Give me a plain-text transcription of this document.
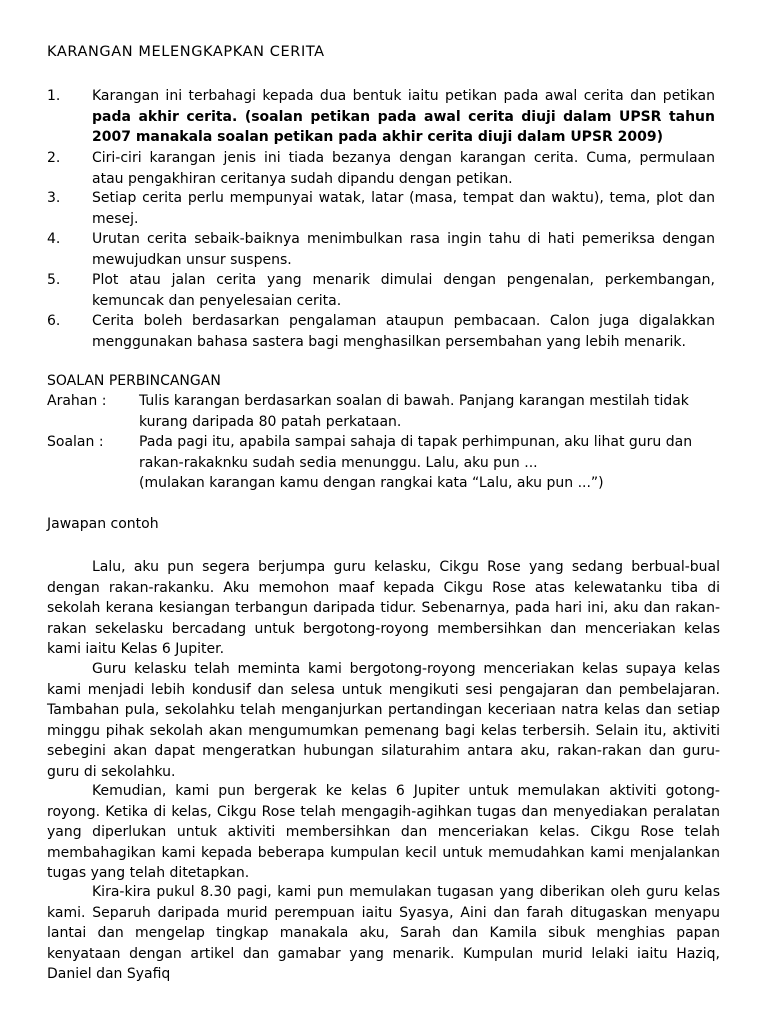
KARANGAN MELENGKAPKAN CERITA
1. Karangan ini terbahagi kepada dua bentuk iaitu petikan pada awal cerita dan petikan pada akhir cerita. (soalan petikan pada awal cerita diuji dalam UPSR tahun 2007 manakala soalan petikan pada akhir cerita diuji dalam UPSR 2009)
2. Ciri-ciri karangan jenis ini tiada bezanya dengan karangan cerita. Cuma, permulaan atau pengakhiran ceritanya sudah dipandu dengan petikan.
3. Setiap cerita perlu mempunyai watak, latar (masa, tempat dan waktu), tema, plot dan mesej.
4. Urutan cerita sebaik-baiknya menimbulkan rasa ingin tahu di hati pemeriksa dengan mewujudkan unsur suspens.
5. Plot atau jalan cerita yang menarik dimulai dengan pengenalan, perkembangan, kemuncak dan penyelesaian cerita.
6. Cerita boleh berdasarkan pengalaman ataupun pembacaan. Calon juga digalakkan menggunakan bahasa sastera bagi menghasilkan persembahan yang lebih menarik.
SOALAN PERBINCANGAN
Arahan : Tulis karangan berdasarkan soalan di bawah. Panjang karangan mestilah tidak kurang daripada 80 patah perkataan.
Soalan :	Pada pagi itu, apabila sampai sahaja di tapak perhimpunan, aku lihat guru dan rakan-rakaknku sudah sedia menunggu. Lalu, aku pun ...
(mulakan karangan kamu dengan rangkai kata “Lalu, aku pun ...”)
Jawapan contoh
Lalu, aku pun segera berjumpa guru kelasku, Cikgu Rose yang sedang berbual-bual dengan rakan-rakanku. Aku memohon maaf kepada Cikgu Rose atas kelewatanku tiba di sekolah kerana kesiangan terbangun daripada tidur. Sebenarnya, pada hari ini, aku dan rakan-rakan sekelasku bercadang untuk bergotong-royong membersihkan dan menceriakan kelas kami iaitu Kelas 6 Jupiter.
Guru kelasku telah meminta kami bergotong-royong menceriakan kelas supaya kelas kami menjadi lebih kondusif dan selesa untuk mengikuti sesi pengajaran dan pembelajaran. Tambahan pula, sekolahku telah menganjurkan pertandingan keceriaan natra kelas dan setiap minggu pihak sekolah akan mengumumkan pemenang bagi kelas terbersih. Selain itu, aktiviti sebegini akan dapat mengeratkan hubungan silaturahim antara aku, rakan-rakan dan guru-guru di sekolahku.
Kemudian, kami pun bergerak ke kelas 6 Jupiter untuk memulakan aktiviti gotong-royong. Ketika di kelas, Cikgu Rose telah mengagih-agihkan tugas dan menyediakan peralatan yang diperlukan untuk aktiviti membersihkan dan menceriakan kelas. Cikgu Rose telah membahagikan kami kepada beberapa kumpulan kecil untuk memudahkan kami menjalankan tugas yang telah ditetapkan.
Kira-kira pukul 8.30 pagi, kami pun memulakan tugasan yang diberikan oleh guru kelas kami. Separuh daripada murid perempuan iaitu Syasya, Aini dan farah ditugaskan menyapu lantai dan mengelap tingkap manakala aku, Sarah dan Kamila sibuk menghias papan kenyataan dengan artikel dan gamabar yang menarik. Kumpulan murid lelaki iaitu Haziq, Daniel dan Syafiq
